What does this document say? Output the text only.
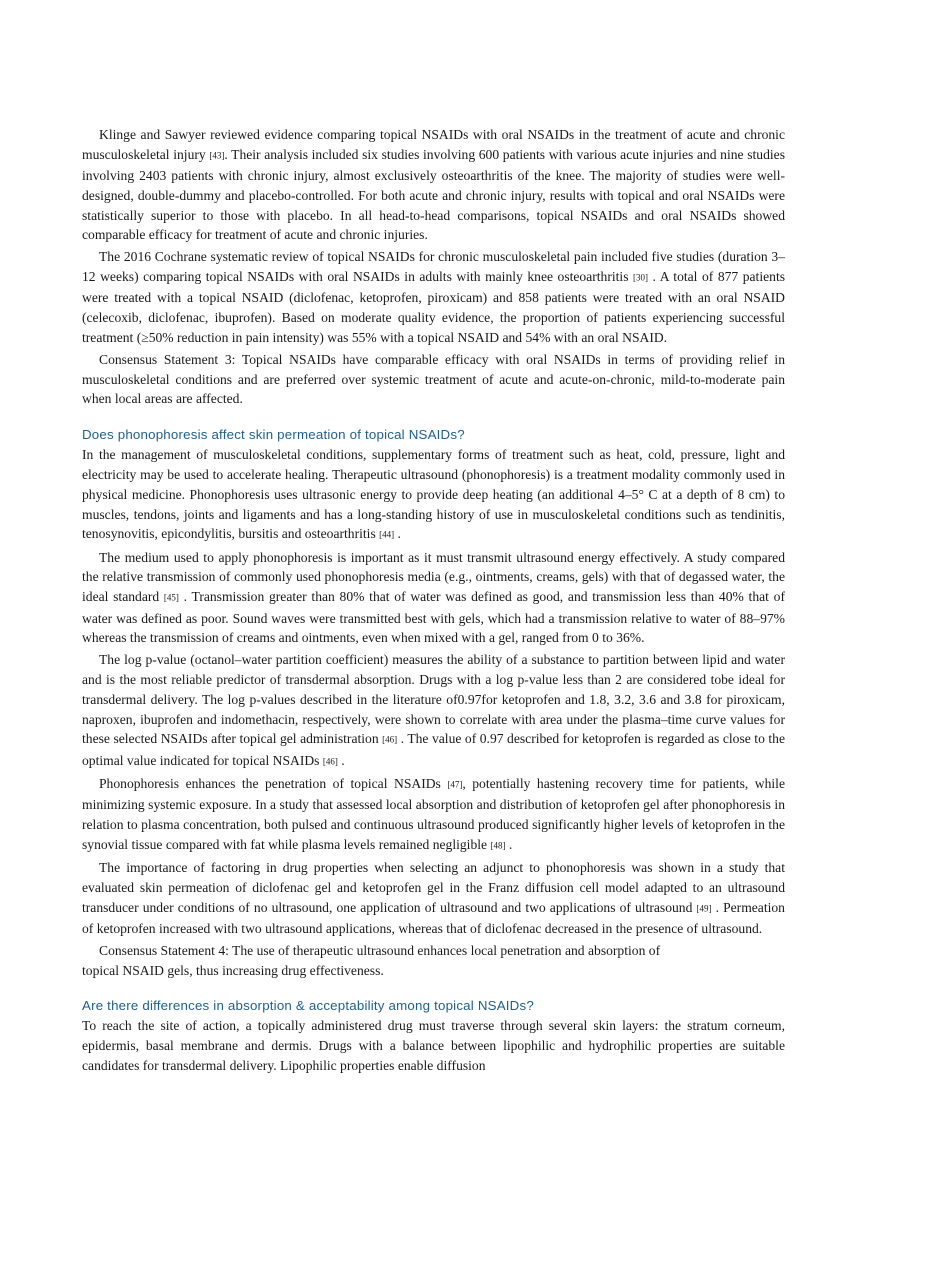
Klinge and Sawyer reviewed evidence comparing topical NSAIDs with oral NSAIDs in the treatment of acute and chronic musculoskeletal injury [43]. Their analysis included six studies involving 600 patients with various acute injuries and nine studies involving 2403 patients with chronic injury, almost exclusively osteoarthritis of the knee. The majority of studies were well-designed, double-dummy and placebo-controlled. For both acute and chronic injury, results with topical and oral NSAIDs were statistically superior to those with placebo. In all head-to-head comparisons, topical NSAIDs and oral NSAIDs showed comparable efficacy for treatment of acute and chronic injuries.

The 2016 Cochrane systematic review of topical NSAIDs for chronic musculoskeletal pain included five studies (duration 3–12 weeks) comparing topical NSAIDs with oral NSAIDs in adults with mainly knee osteoarthritis [30] . A total of 877 patients were treated with a topical NSAID (diclofenac, ketoprofen, piroxicam) and 858 patients were treated with an oral NSAID (celecoxib, diclofenac, ibuprofen). Based on moderate quality evidence, the proportion of patients experiencing successful treatment (≥50% reduction in pain intensity) was 55% with a topical NSAID and 54% with an oral NSAID.

Consensus Statement 3: Topical NSAIDs have comparable efficacy with oral NSAIDs in terms of providing relief in musculoskeletal conditions and are preferred over systemic treatment of acute and acute-on-chronic, mild-to-moderate pain when local areas are affected.

Does phonophoresis affect skin permeation of topical NSAIDs?

In the management of musculoskeletal conditions, supplementary forms of treatment such as heat, cold, pressure, light and electricity may be used to accelerate healing. Therapeutic ultrasound (phonophoresis) is a treatment modality commonly used in physical medicine. Phonophoresis uses ultrasonic energy to provide deep heating (an additional 4–5° C at a depth of 8 cm) to muscles, tendons, joints and ligaments and has a long-standing history of use in musculoskeletal conditions such as tendinitis, tenosynovitis, epicondylitis, bursitis and osteoarthritis [44] .

The medium used to apply phonophoresis is important as it must transmit ultrasound energy effectively. A study compared the relative transmission of commonly used phonophoresis media (e.g., ointments, creams, gels) with that of degassed water, the ideal standard [45] . Transmission greater than 80% that of water was defined as good, and transmission less than 40% that of water was defined as poor. Sound waves were transmitted best with gels, which had a transmission relative to water of 88–97% whereas the transmission of creams and ointments, even when mixed with a gel, ranged from 0 to 36%.

The log p-value (octanol–water partition coefficient) measures the ability of a substance to partition between lipid and water and is the most reliable predictor of transdermal absorption. Drugs with a log p-value less than 2 are considered tobe ideal for transdermal delivery. The log p-values described in the literature of0.97for ketoprofen and 1.8, 3.2, 3.6 and 3.8 for piroxicam, naproxen, ibuprofen and indomethacin, respectively, were shown to correlate with area under the plasma–time curve values for these selected NSAIDs after topical gel administration [46] . The value of 0.97 described for ketoprofen is regarded as close to the optimal value indicated for topical NSAIDs [46] .

Phonophoresis enhances the penetration of topical NSAIDs [47], potentially hastening recovery time for patients, while minimizing systemic exposure. In a study that assessed local absorption and distribution of ketoprofen gel after phonophoresis in relation to plasma concentration, both pulsed and continuous ultrasound produced significantly higher levels of ketoprofen in the synovial tissue compared with fat while plasma levels remained negligible [48] .

The importance of factoring in drug properties when selecting an adjunct to phonophoresis was shown in a study that evaluated skin permeation of diclofenac gel and ketoprofen gel in the Franz diffusion cell model adapted to an ultrasound transducer under conditions of no ultrasound, one application of ultrasound and two applications of ultrasound [49] . Permeation of ketoprofen increased with two ultrasound applications, whereas that of diclofenac decreased in the presence of ultrasound.

Consensus Statement 4: The use of therapeutic ultrasound enhances local penetration and absorption of
topical NSAID gels, thus increasing drug effectiveness.

Are there differences in absorption & acceptability among topical NSAIDs?

To reach the site of action, a topically administered drug must traverse through several skin layers: the stratum corneum, epidermis, basal membrane and dermis. Drugs with a balance between lipophilic and hydrophilic properties are suitable candidates for transdermal delivery. Lipophilic properties enable diffusion
